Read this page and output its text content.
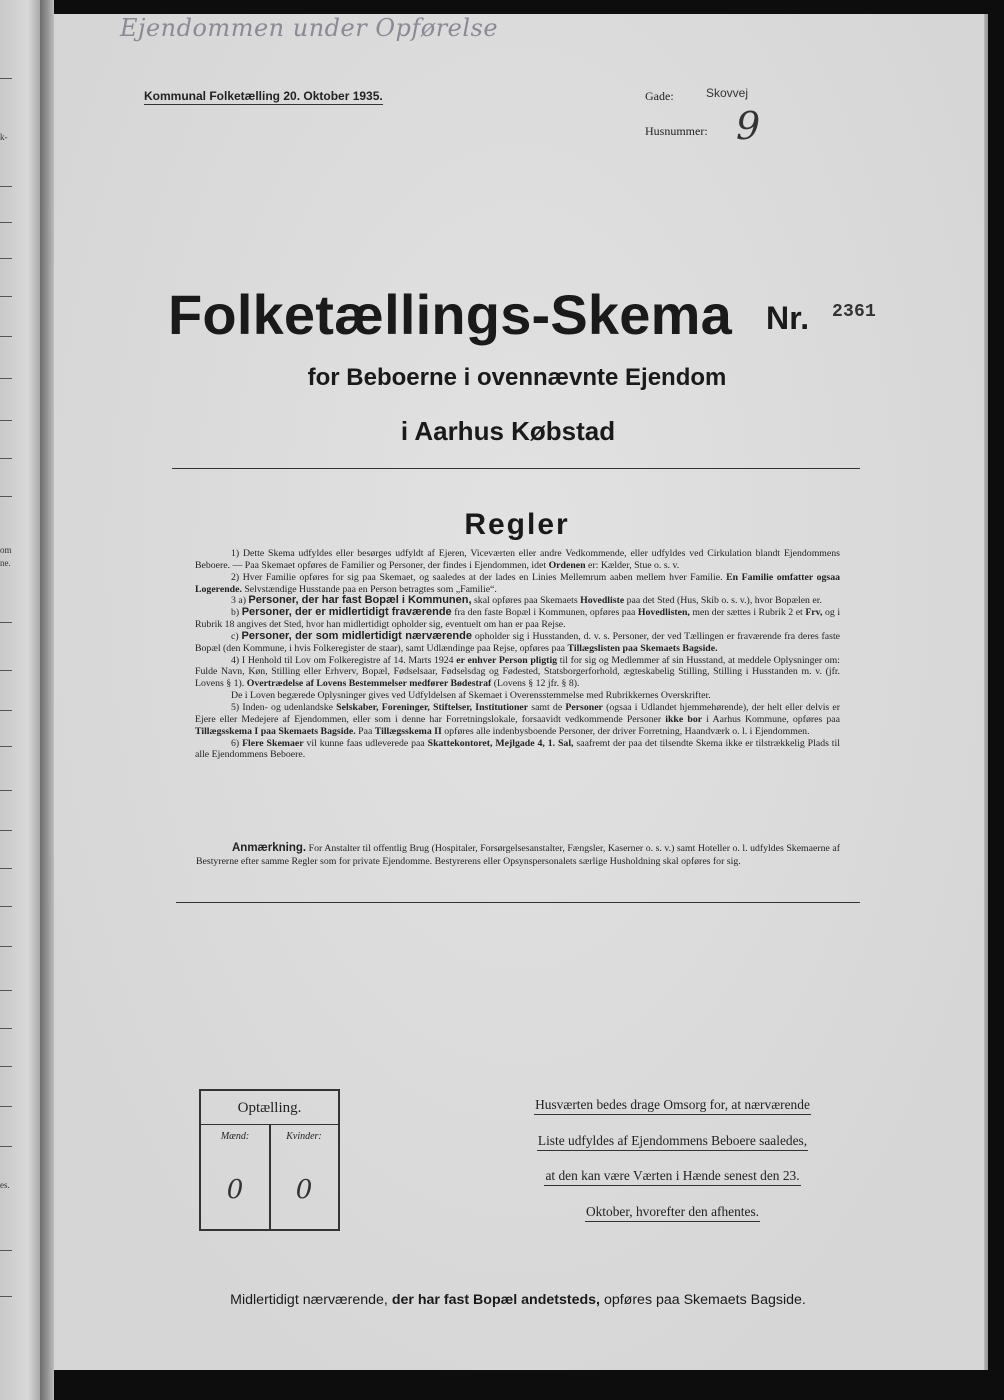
k-
om
ne.
es.
Ejendommen under Opførelse
Kommunal Folketælling 20. Oktober 1935.	Gade:	Skovvej
Husnummer: 9
Folketællings-Skema Nr. 2361
for Beboerne i ovennævnte Ejendom
i Aarhus Købstad
Regler

1) Dette Skema udfyldes eller besørges udfyldt af Ejeren, Viceværten eller andre Vedkommende, eller udfyldes ved Cirkulation blandt Ejendommens Beboere. — Paa Skemaet opføres de Familier og Personer, der findes i Ejendommen, idet Ordenen er: Kælder, Stue o. s. v.

2) Hver Familie opføres for sig paa Skemaet, og saaledes at der lades en Linies Mellemrum aaben mellem hver Familie. En Familie omfatter ogsaa Logerende. Selvstændige Husstande paa en Person betragtes som „Familie“.

3 a) Personer, der har fast Bopæl i Kommunen, skal opføres paa Skemaets Hovedliste paa det Sted (Hus, Skib o. s. v.), hvor Bopælen er.

b) Personer, der er midlertidigt fraværende fra den faste Bopæl i Kommunen, opføres paa Hovedlisten, men der sættes i Rubrik 2 et Frv, og i Rubrik 18 angives det Sted, hvor han midlertidigt opholder sig, eventuelt om han er paa Rejse.

c) Personer, der som midlertidigt nærværende opholder sig i Husstanden, d. v. s. Personer, der ved Tællingen er fraværende fra deres faste Bopæl (den Kommune, i hvis Folkeregister de staar), samt Udlændinge paa Rejse, opføres paa Tillægslisten paa Skemaets Bagside.

4) I Henhold til Lov om Folkeregistre af 14. Marts 1924 er enhver Person pligtig til for sig og Medlemmer af sin Husstand, at meddele Oplysninger om: Fulde Navn, Køn, Stilling eller Erhverv, Bopæl, Fødselsaar, Fødselsdag og Fødested, Statsborgerforhold, ægteskabelig Stilling, Stilling i Husstanden m. v. (jfr. Lovens § 1). Overtrædelse af Lovens Bestemmelser medfører Bødestraf (Lovens § 12 jfr. § 8).

De i Loven begærede Oplysninger gives ved Udfyldelsen af Skemaet i Overensstemmelse med Rubrikkernes Overskrifter.

5) Inden- og udenlandske Selskaber, Foreninger, Stiftelser, Institutioner samt de Personer (ogsaa i Udlandet hjemmehørende), der helt eller delvis er Ejere eller Medejere af Ejendommen, eller som i denne har Forretningslokale, forsaavidt vedkommende Personer ikke bor i Aarhus Kommune, opføres paa Tillægsskema I paa Skemaets Bagside. Paa Tillægsskema II opføres alle indenbysboende Personer, der driver Forretning, Haandværk o. l. i Ejendommen.

6) Flere Skemaer vil kunne faas udleverede paa Skattekontoret, Mejlgade 4, 1. Sal, saafremt der paa det tilsendte Skema ikke er tilstrækkelig Plads til alle Ejendommens Beboere.

Anmærkning. For Anstalter til offentlig Brug (Hospitaler, Forsørgelsesanstalter, Fængsler, Kaserner o. s. v.) samt Hoteller o. l. udfyldes Skemaerne af Bestyrerne efter samme Regler som for private Ejendomme. Bestyrerens eller Opsynspersonalets særlige Husholdning skal opføres for sig.
Optælling.
Mænd:	Kvinder:
0	0
Husværten bedes drage Omsorg for, at nærværende
Liste udfyldes af Ejendommens Beboere saaledes,
at den kan være Værten i Hænde senest den 23.
Oktober, hvorefter den afhentes.
Midlertidigt nærværende, der har fast Bopæl andetsteds, opføres paa Skemaets Bagside.
